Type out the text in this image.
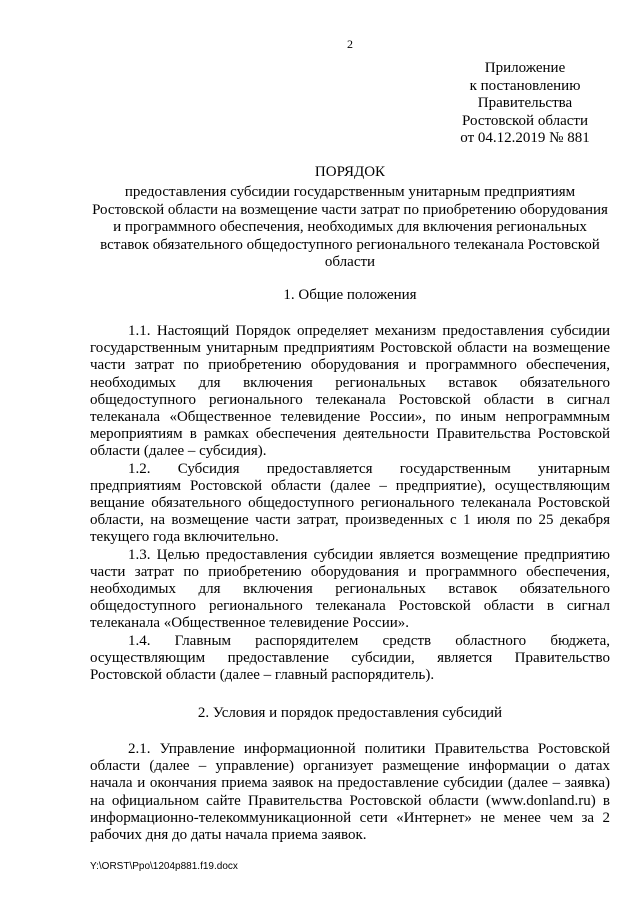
2
Приложение
к постановлению
Правительства
Ростовской области
от 04.12.2019 № 881
ПОРЯДОК
предоставления субсидии государственным унитарным предприятиям Ростовской области на возмещение части затрат по приобретению оборудования и программного обеспечения, необходимых для включения региональных вставок обязательного общедоступного регионального телеканала Ростовской области
1. Общие положения

1.1. Настоящий Порядок определяет механизм предоставления субсидии государственным унитарным предприятиям Ростовской области на возмещение части затрат по приобретению оборудования и программного обеспечения, необходимых для включения региональных вставок обязательного общедоступного регионального телеканала Ростовской области в сигнал телеканала «Общественное телевидение России», по иным непрограммным мероприятиям в рамках обеспечения деятельности Правительства Ростовской области (далее – субсидия).

1.2. Субсидия предоставляется государственным унитарным предприятиям Ростовской области (далее – предприятие), осуществляющим вещание обязательного общедоступного регионального телеканала Ростовской области, на возмещение части затрат, произведенных с 1 июля по 25 декабря текущего года включительно.

1.3. Целью предоставления субсидии является возмещение предприятию части затрат по приобретению оборудования и программного обеспечения, необходимых для включения региональных вставок обязательного общедоступного регионального телеканала Ростовской области в сигнал телеканала «Общественное телевидение России».

1.4. Главным распорядителем средств областного бюджета, осуществляющим предоставление субсидии, является Правительство Ростовской области (далее – главный распорядитель).

2. Условия и порядок предоставления субсидий

2.1. Управление информационной политики Правительства Ростовской области (далее – управление) организует размещение информации о датах начала и окончания приема заявок на предоставление субсидии (далее – заявка) на официальном сайте Правительства Ростовской области (www.donland.ru) в информационно-телекоммуникационной сети «Интернет» не менее чем за 2 рабочих дня до даты начала приема заявок.

Y:\ORST\Ppo\1204p881.f19.docx
